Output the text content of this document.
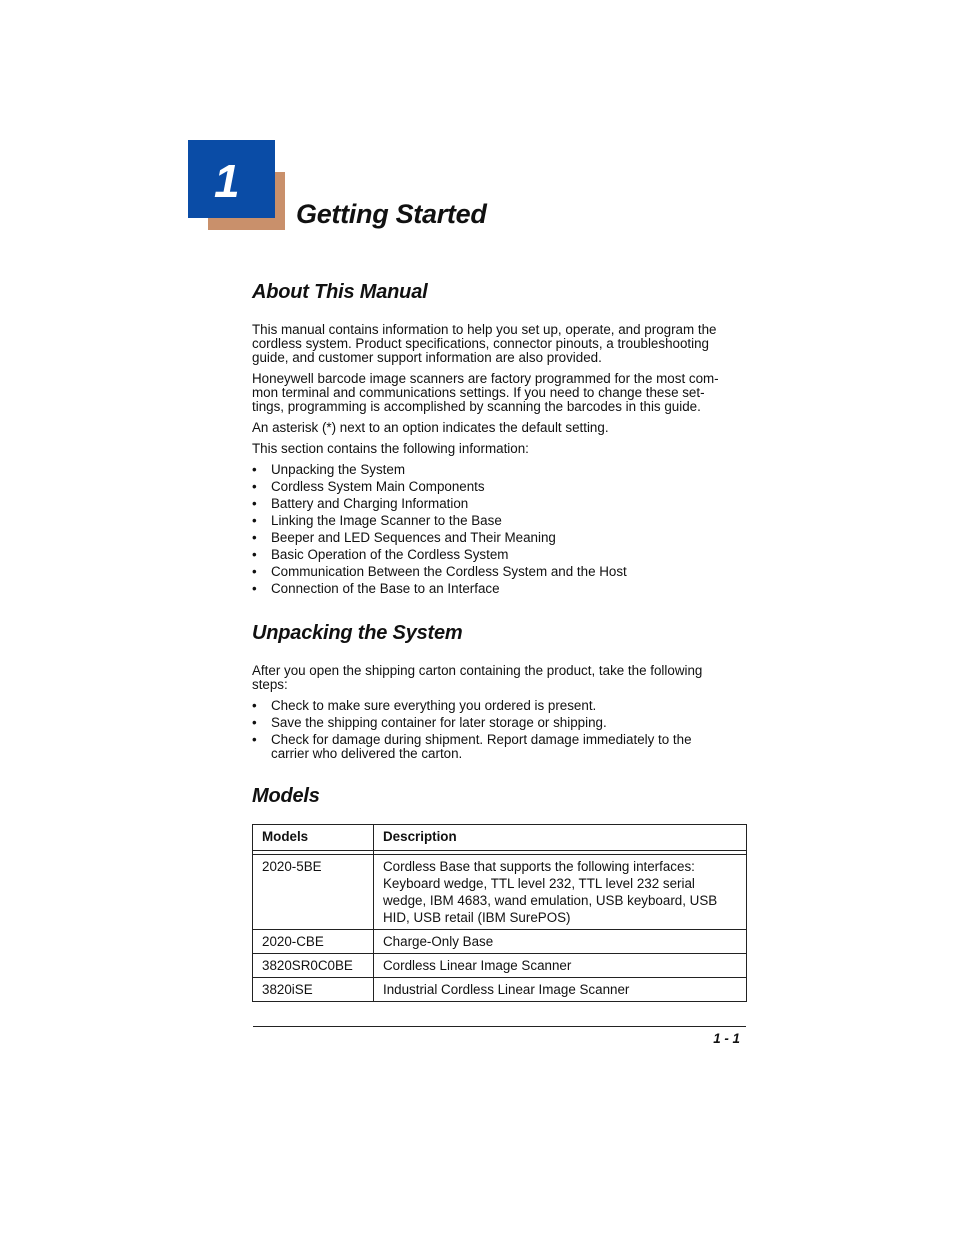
1
Getting Started
About This Manual

This manual contains information to help you set up, operate, and program the

cordless system. Product specifications, connector pinouts, a troubleshooting

guide, and customer support information are also provided.

Honeywell barcode image scanners are factory programmed for the most com-

mon terminal and communications settings. If you need to change these set-

tings, programming is accomplished by scanning the barcodes in this guide.

An asterisk (*) next to an option indicates the default setting.

This section contains the following information:

• Unpacking the System
• Cordless System Main Components
• Battery and Charging Information
• Linking the Image Scanner to the Base
• Beeper and LED Sequences and Their Meaning
• Basic Operation of the Cordless System
• Communication Between the Cordless System and the Host
• Connection of the Base to an Interface
Unpacking the System

After you open the shipping carton containing the product, take the following

steps:

• Check to make sure everything you ordered is present.
• Save the shipping container for later storage or shipping.
• Check for damage during shipment. Report damage immediately to the
carrier who delivered the carton.
Models
Models	Description

2020-5BE	Cordless Base that supports the following interfaces:
Keyboard wedge, TTL level 232, TTL level 232 serial
wedge, IBM 4683, wand emulation, USB keyboard, USB
HID, USB retail (IBM SurePOS)

2020-CBE	Charge-Only Base
3820SR0C0BE	Cordless Linear Image Scanner
3820iSE	Industrial Cordless Linear Image Scanner
1 - 1
